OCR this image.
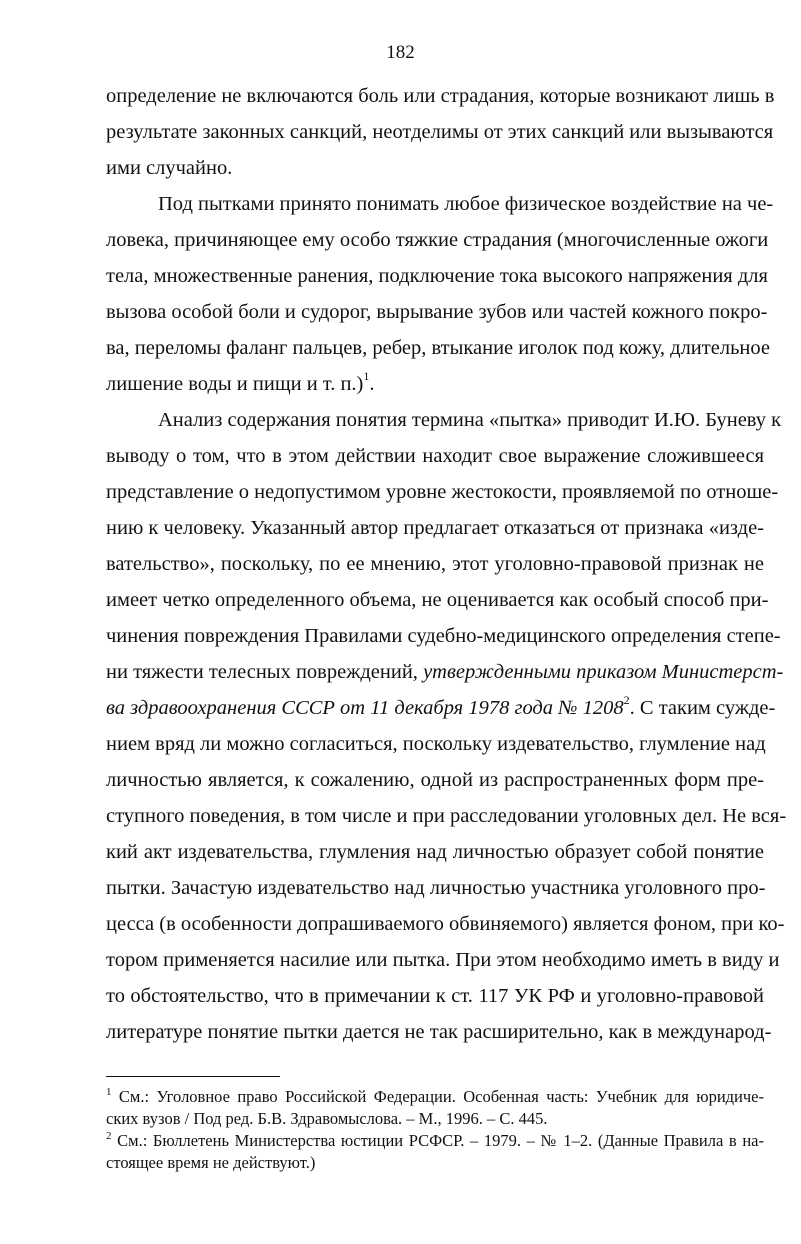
182
определение не включаются боль или страдания, которые возникают лишь в
результате законных санкций, неотделимы от этих санкций или вызываются
ими случайно.
Под пытками принято понимать любое физическое воздействие на че-
ловека, причиняющее ему особо тяжкие страдания (многочисленные ожоги
тела, множественные ранения, подключение тока высокого напряжения для
вызова особой боли и судорог, вырывание зубов или частей кожного покро-
ва, переломы фаланг пальцев, ребер, втыкание иголок под кожу, длительное
лишение воды и пищи и т. п.)$^1$.
Анализ содержания понятия термина «пытка» приводит И.Ю. Буневу к
выводу о том, что в этом действии находит свое выражение сложившееся
представление о недопустимом уровне жестокости, проявляемой по отноше-
нию к человеку. Указанный автор предлагает отказаться от признака «изде-
вательство», поскольку, по ее мнению, этот уголовно-правовой признак не
имеет четко определенного объема, не оценивается как особый способ при-
чинения повреждения Правилами судебно-медицинского определения степе-
ни тяжести телесных повреждений, утвержденными приказом Министерст-
ва здравоохранения СССР от 11 декабря 1978 года № 1208$^2$. С таким сужде-
нием вряд ли можно согласиться, поскольку издевательство, глумление над
личностью является, к сожалению, одной из распространенных форм пре-
ступного поведения, в том числе и при расследовании уголовных дел. Не вся-
кий акт издевательства, глумления над личностью образует собой понятие
пытки. Зачастую издевательство над личностью участника уголовного про-
цесса (в особенности допрашиваемого обвиняемого) является фоном, при ко-
тором применяется насилие или пытка. При этом необходимо иметь в виду и
то обстоятельство, что в примечании к ст. 117 УК РФ и уголовно-правовой
литературе понятие пытки дается не так расширительно, как в международ-
$^1$ См.: Уголовное право Российской Федерации. Особенная часть: Учебник для юридиче-
ских вузов / Под ред. Б.В. Здравомыслова. – М., 1996. – С. 445.
$^2$ См.: Бюллетень Министерства юстиции РСФСР. – 1979. – № 1–2. (Данные Правила в на-
стоящее время не действуют.)
